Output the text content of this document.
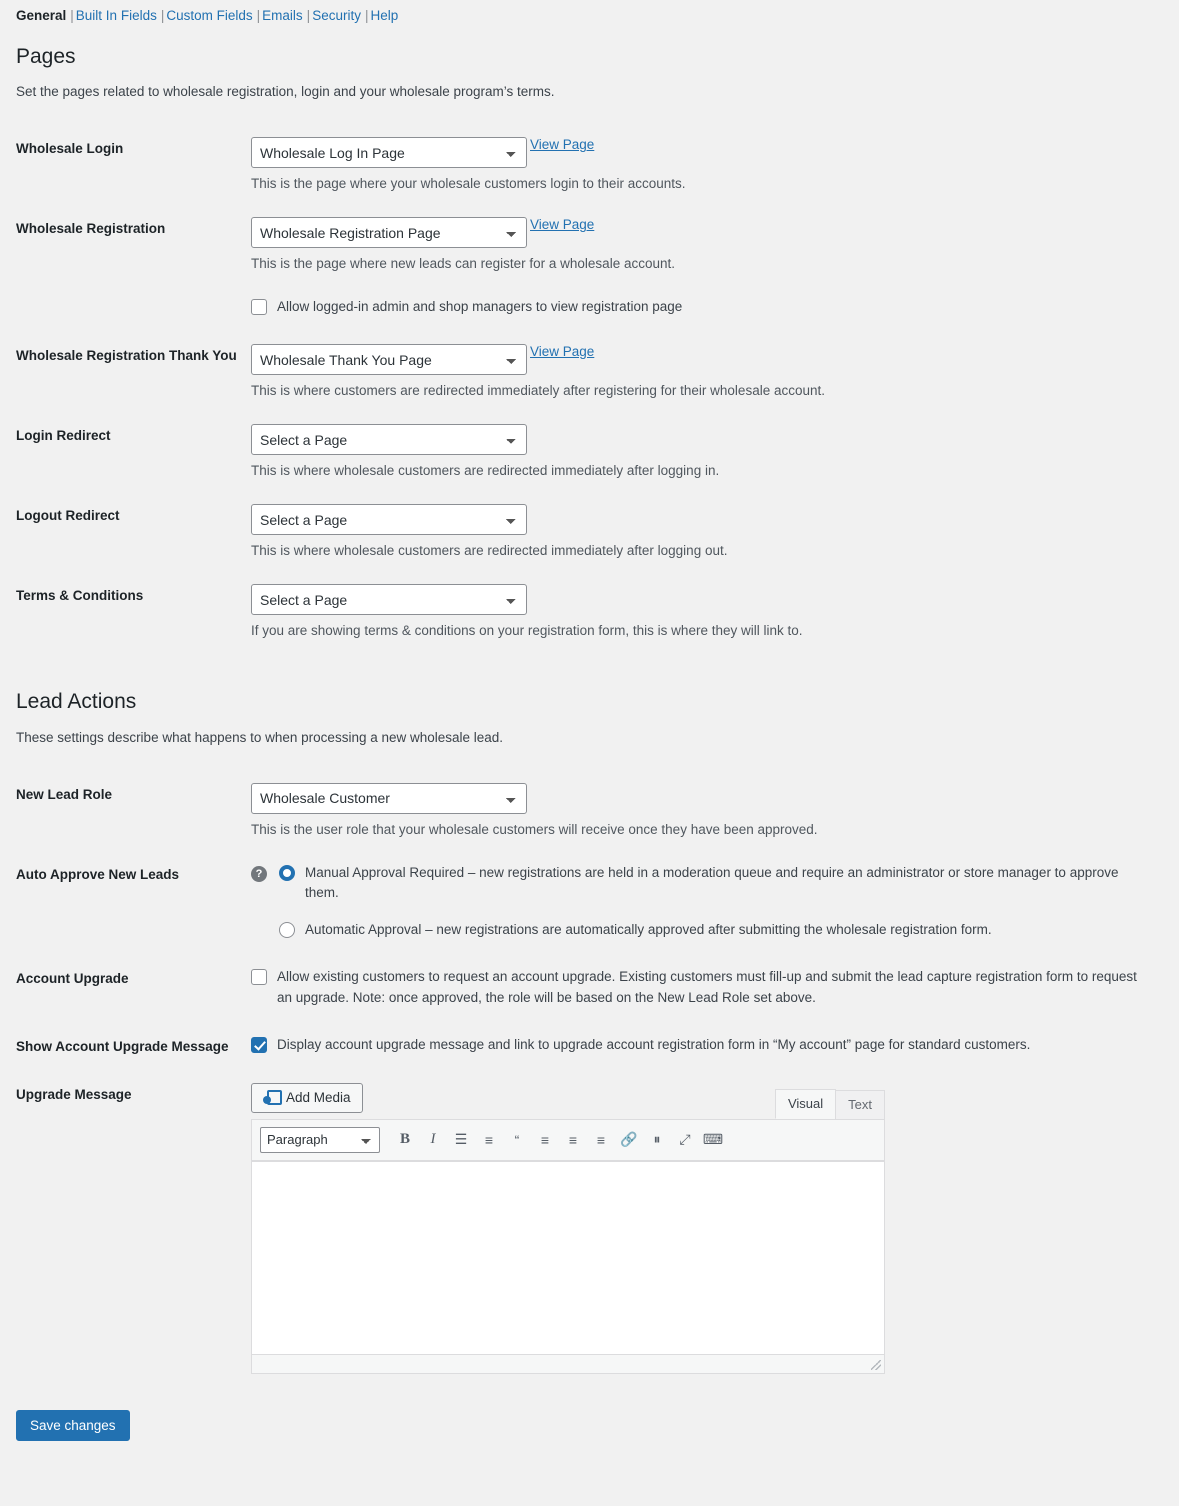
General | Built In Fields | Custom Fields | Emails | Security | Help
Pages

Set the pages related to wholesale registration, login and your wholesale program’s terms.

Wholesale Login	
Wholesale Log In PageView Page

This is the page where your wholesale customers login to their accounts.

Wholesale Registration	
Wholesale Registration PageView Page

This is the page where new leads can register for a wholesale account.

Allow logged-in admin and shop managers to view registration page

Wholesale Registration Thank You	
Wholesale Thank You PageView Page

This is where customers are redirected immediately after registering for their wholesale account.

Login Redirect	
Select a Page

This is where wholesale customers are redirected immediately after logging in.

Logout Redirect	
Select a Page

This is where wholesale customers are redirected immediately after logging out.

Terms & Conditions	
Select a Page

If you are showing terms & conditions on your registration form, this is where they will link to.

Lead Actions

These settings describe what happens to when processing a new wholesale lead.

New Lead Role	
Wholesale Customer

This is the user role that your wholesale customers will receive once they have been approved.

Auto Approve New Leads		?	Manual Approval Required – new registrations are held in a moderation queue and require an administrator or store manager to approve them.
Automatic Approval – new registrations are automatically approved after submitting the wholesale registration form.

Account Upgrade	Allow existing customers to request an account upgrade. Existing customers must fill-up and submit the lead capture registration form to request an upgrade. Note: once approved, the role will be based on the New Lead Role set above.

Show Account Upgrade Message	Display account upgrade message and link to upgrade account registration form in “My account” page for standard customers.

Upgrade Message	Add Media	Visual	Text
Paragraph
B	I	☰	≡	“	≡	≡	≡	🔗	⏸	⤢ ⌨
Save changes
